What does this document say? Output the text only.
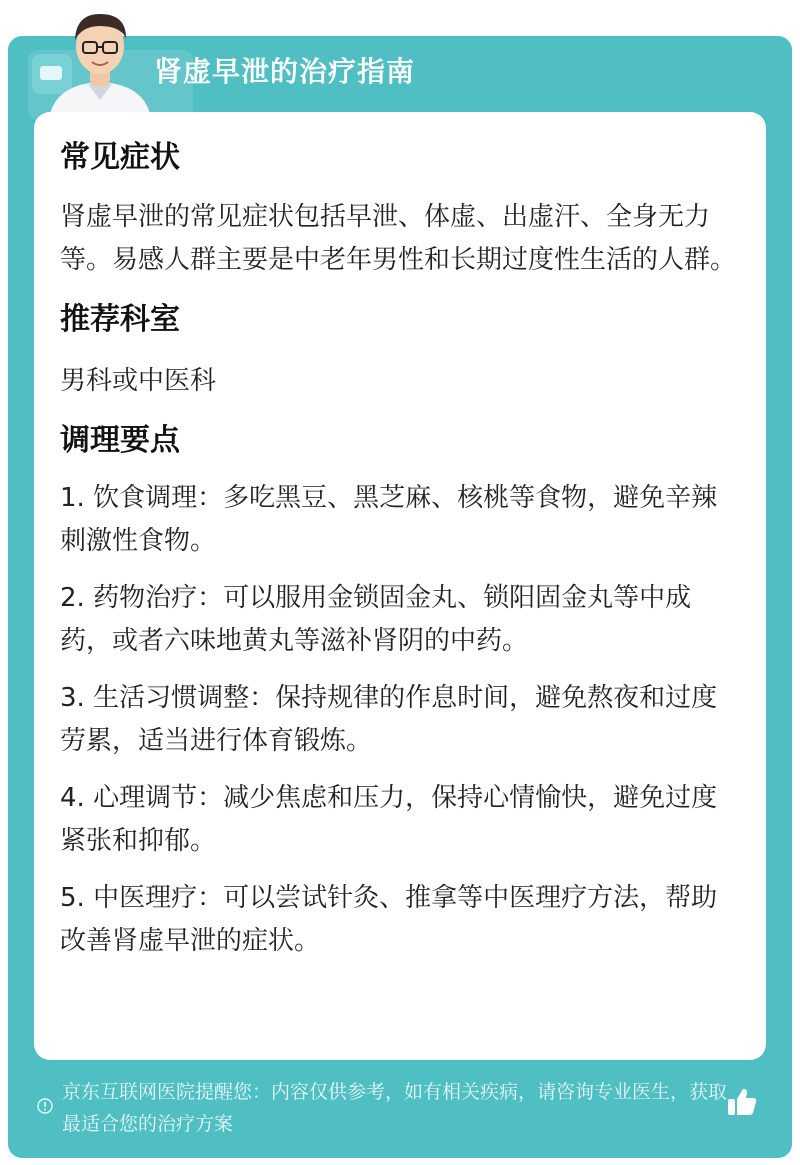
肾虚早泄的治疗指南
常见症状

肾虚早泄的常见症状包括早泄、体虚、出虚汗、全身无力等。易感人群主要是中老年男性和长期过度性生活的人群。

推荐科室

男科或中医科

调理要点

1. 饮食调理：多吃黑豆、黑芝麻、核桃等食物，避免辛辣刺激性食物。

2. 药物治疗：可以服用金锁固金丸、锁阳固金丸等中成药，或者六味地黄丸等滋补肾阴的中药。

3. 生活习惯调整：保持规律的作息时间，避免熬夜和过度劳累，适当进行体育锻炼。

4. 心理调节：减少焦虑和压力，保持心情愉快，避免过度紧张和抑郁。

5. 中医理疗：可以尝试针灸、推拿等中医理疗方法，帮助改善肾虚早泄的症状。

京东互联网医院提醒您：内容仅供参考，如有相关疾病，请咨询专业医生，获取最适合您的治疗方案
